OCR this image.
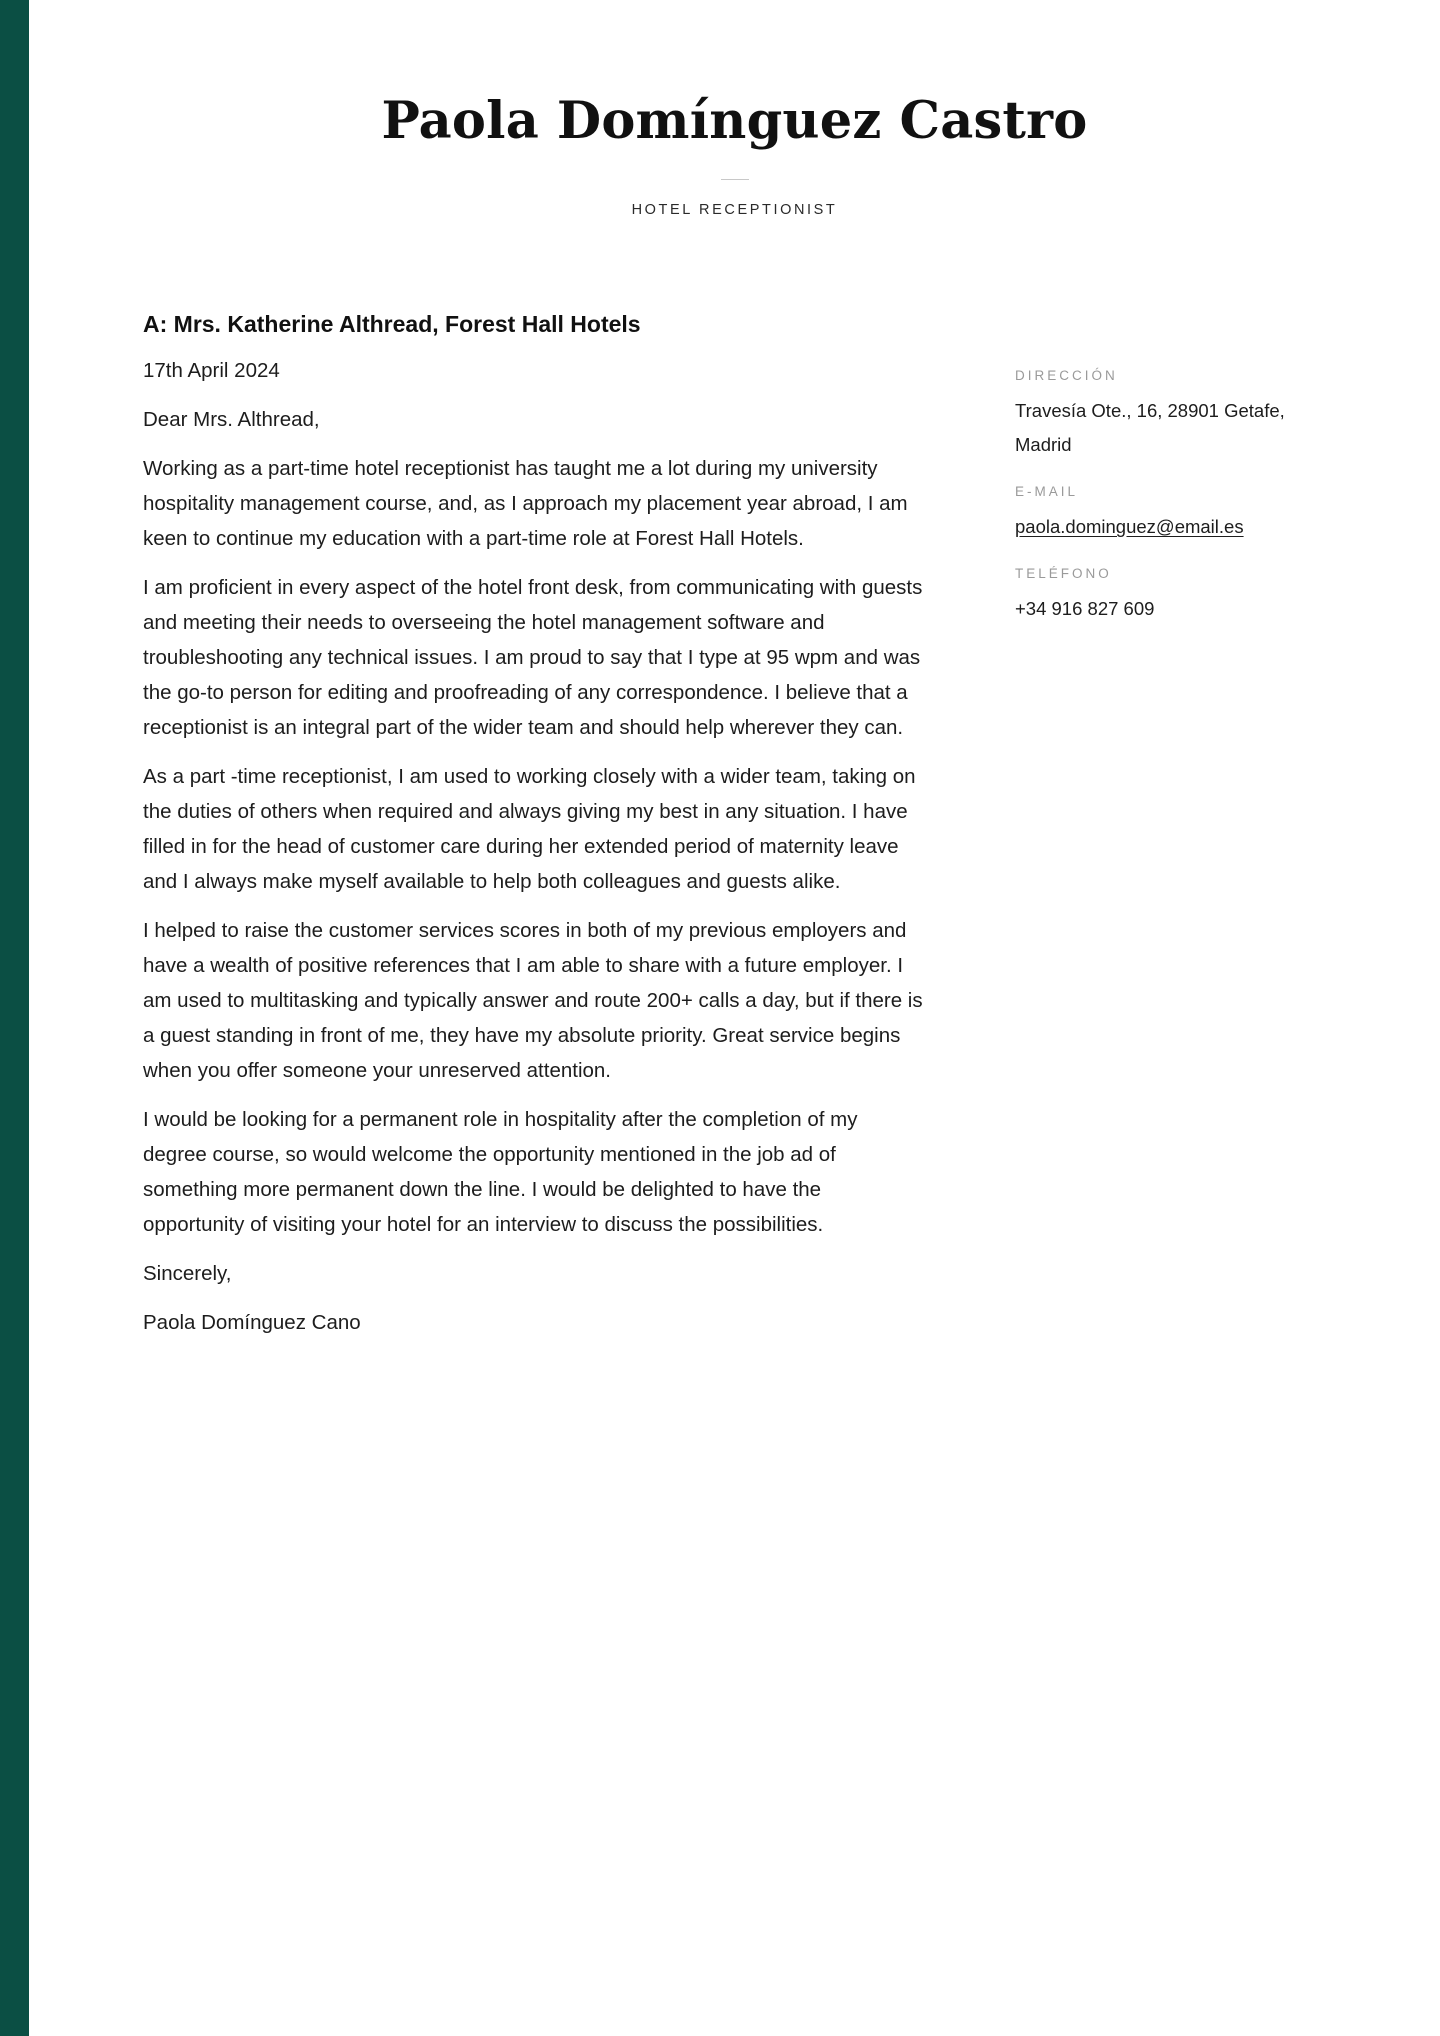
Paola Domínguez Castro
HOTEL RECEPTIONIST
A: Mrs. Katherine Althread, Forest Hall Hotels

17th April 2024

Dear Mrs. Althread,

Working as a part-time hotel receptionist has taught me a lot during my university hospitality management course, and, as I approach my placement year abroad, I am keen to continue my education with a part-time role at Forest Hall Hotels.

I am proficient in every aspect of the hotel front desk, from communicating with guests and meeting their needs to overseeing the hotel management software and troubleshooting any technical issues. I am proud to say that I type at 95 wpm and was the go-to person for editing and proofreading of any correspondence. I believe that a receptionist is an integral part of the wider team and should help wherever they can.

As a part -time receptionist, I am used to working closely with a wider team, taking on the duties of others when required and always giving my best in any situation. I have filled in for the head of customer care during her extended period of maternity leave and I always make myself available to help both colleagues and guests alike.

I helped to raise the customer services scores in both of my previous employers and have a wealth of positive references that I am able to share with a future employer. I am used to multitasking and typically answer and route 200+ calls a day, but if there is a guest standing in front of me, they have my absolute priority. Great service begins when you offer someone your unreserved attention.

I would be looking for a permanent role in hospitality after the completion of my degree course, so would welcome the opportunity mentioned in the job ad of something more permanent down the line. I would be delighted to have the opportunity of visiting your hotel for an interview to discuss the possibilities.

Sincerely,

Paola Domínguez Cano

DIRECCIÓN
Travesía Ote., 16, 28901 Getafe, Madrid
E-MAIL
paola.dominguez@email.es
TELÉFONO
+34 916 827 609
